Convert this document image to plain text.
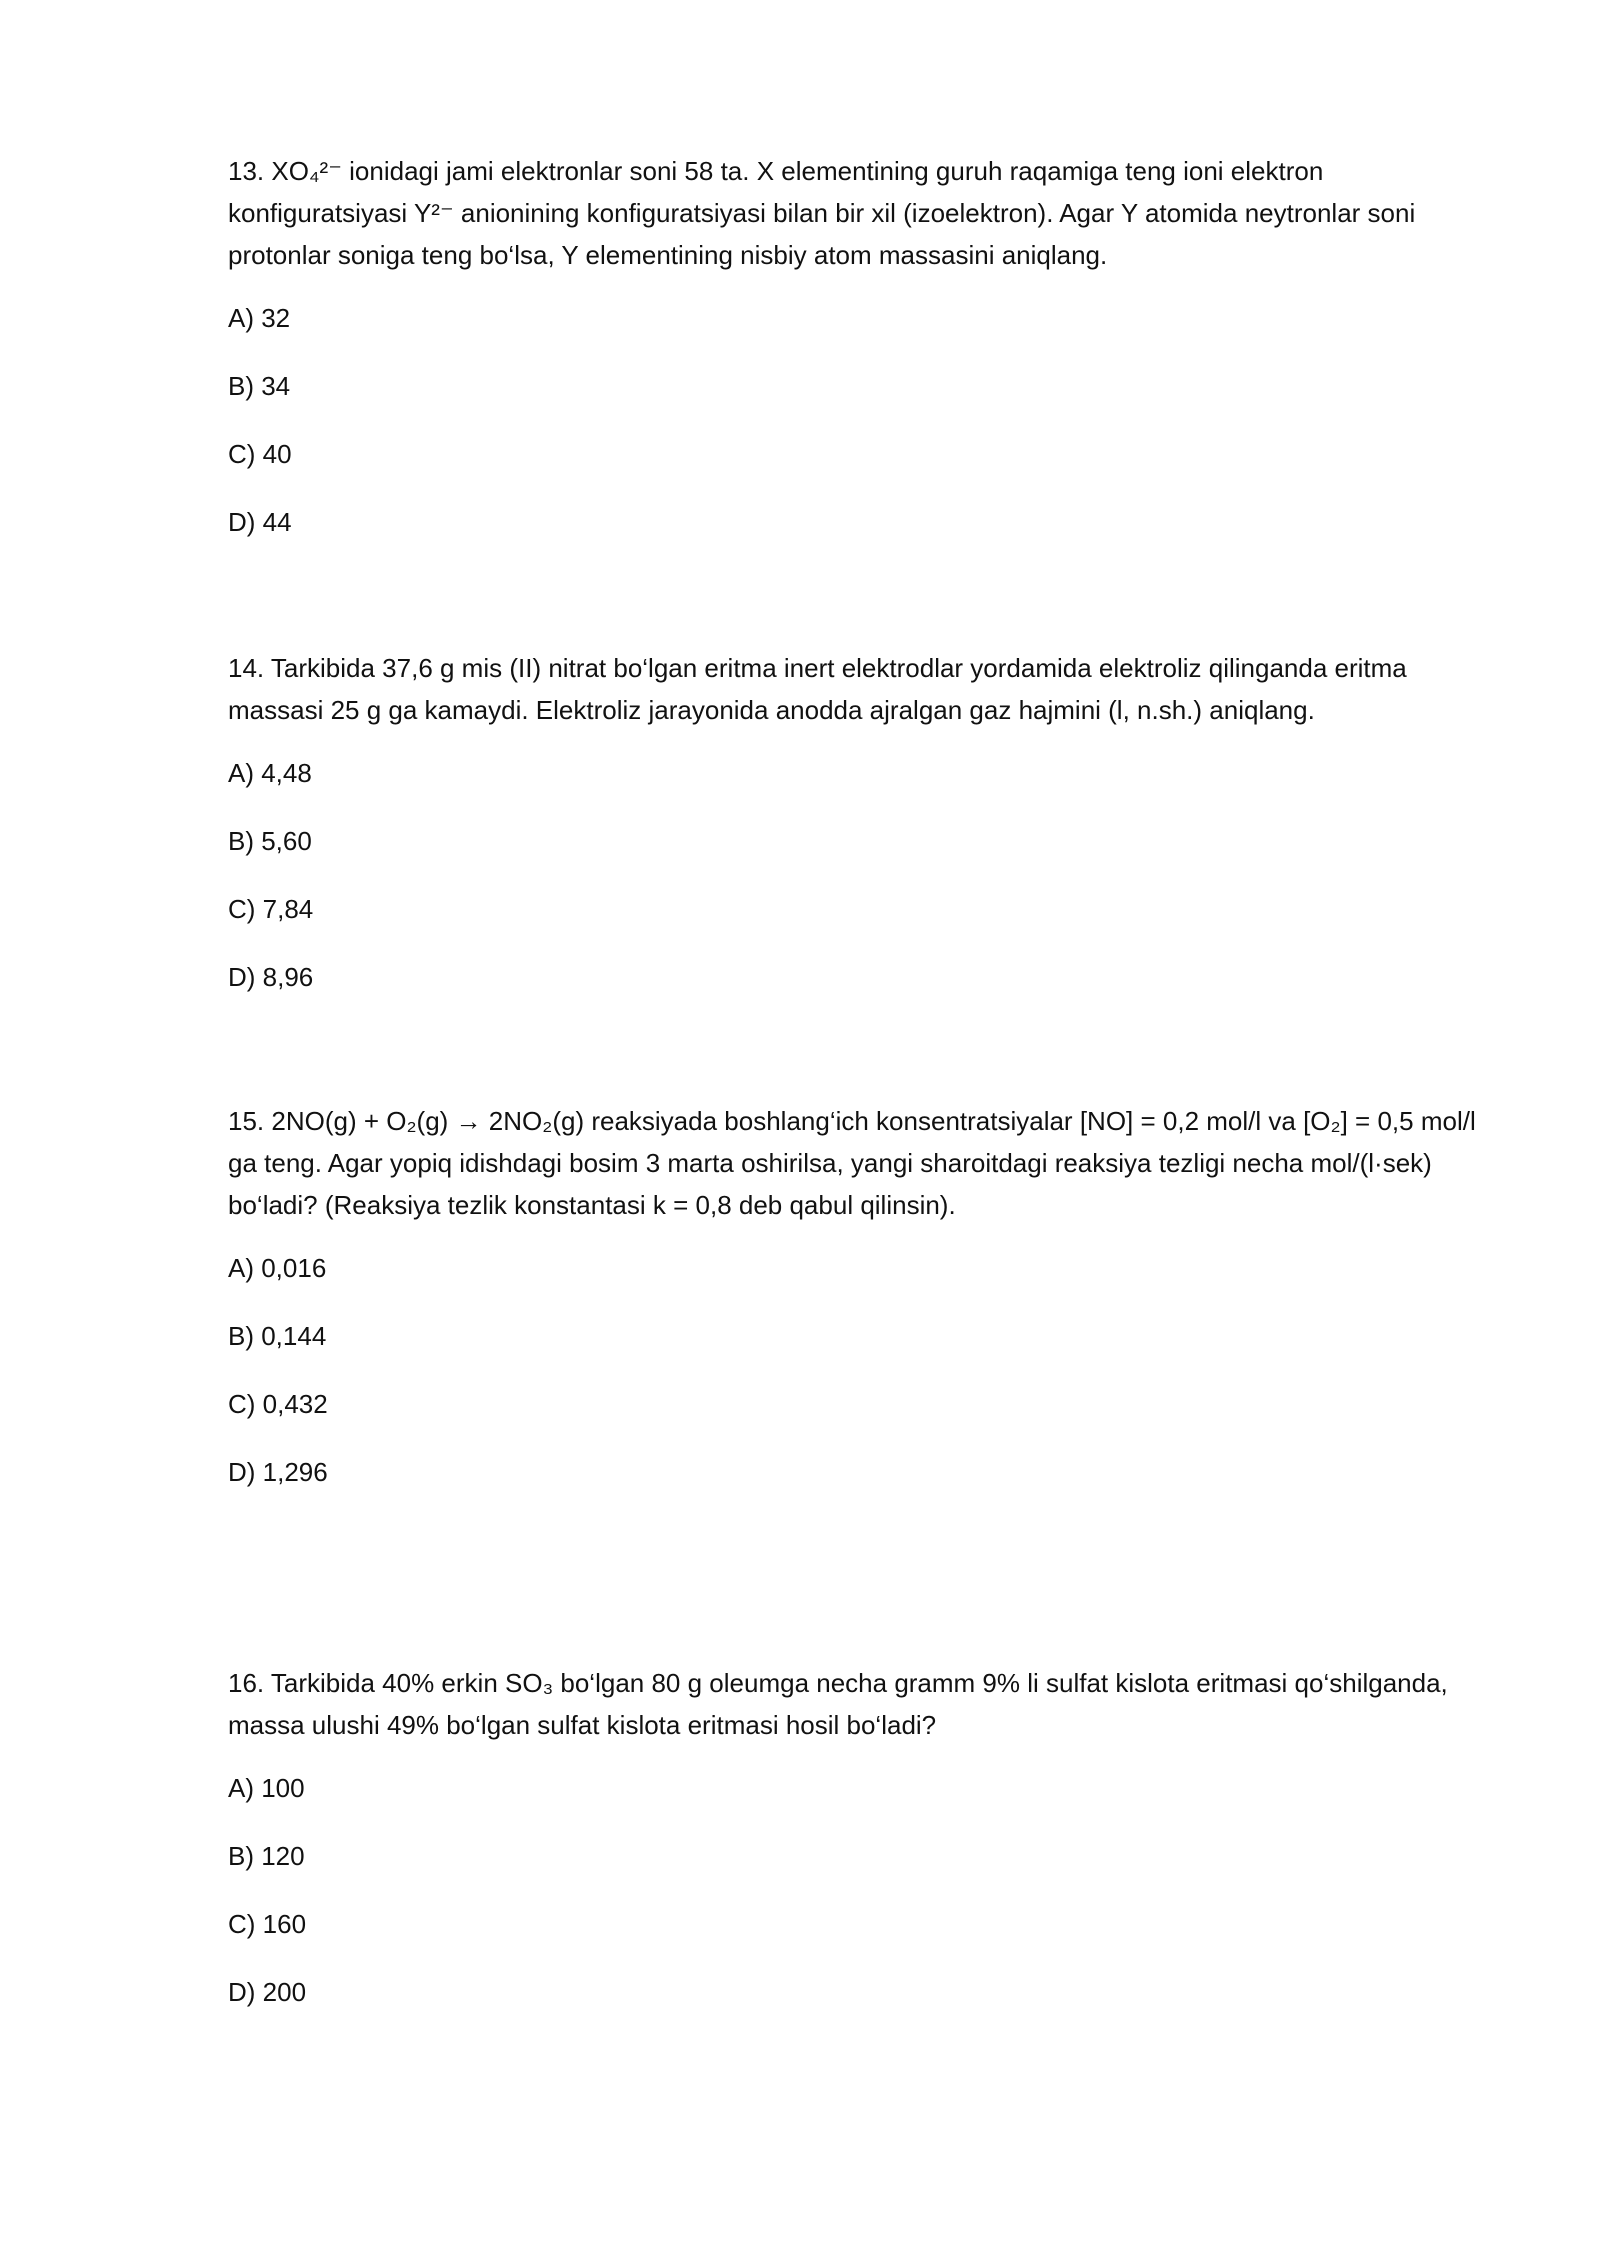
13. XO₄²⁻ ionidagi jami elektronlar soni 58 ta. X elementining guruh raqamiga teng ioni elektron konfiguratsiyasi Y²⁻ anionining konfiguratsiyasi bilan bir xil (izoelektron). Agar Y atomida neytronlar soni protonlar soniga teng bo‘lsa, Y elementining nisbiy atom massasini aniqlang.

A) 32
B) 34
C) 40
D) 44

14. Tarkibida 37,6 g mis (II) nitrat bo‘lgan eritma inert elektrodlar yordamida elektroliz qilinganda eritma massasi 25 g ga kamaydi. Elektroliz jarayonida anodda ajralgan gaz hajmini (l, n.sh.) aniqlang.

A) 4,48
B) 5,60
C) 7,84
D) 8,96

15. 2NO(g) + O₂(g) → 2NO₂(g) reaksiyada boshlang‘ich konsentratsiyalar [NO] = 0,2 mol/l va [O₂] = 0,5 mol/l ga teng. Agar yopiq idishdagi bosim 3 marta oshirilsa, yangi sharoitdagi reaksiya tezligi necha mol/(l·sek) bo‘ladi? (Reaksiya tezlik konstantasi k = 0,8 deb qabul qilinsin).

A) 0,016
B) 0,144
C) 0,432
D) 1,296

16. Tarkibida 40% erkin SO₃ bo‘lgan 80 g oleumga necha gramm 9% li sulfat kislota eritmasi qo‘shilganda, massa ulushi 49% bo‘lgan sulfat kislota eritmasi hosil bo‘ladi?

A) 100
B) 120
C) 160
D) 200
